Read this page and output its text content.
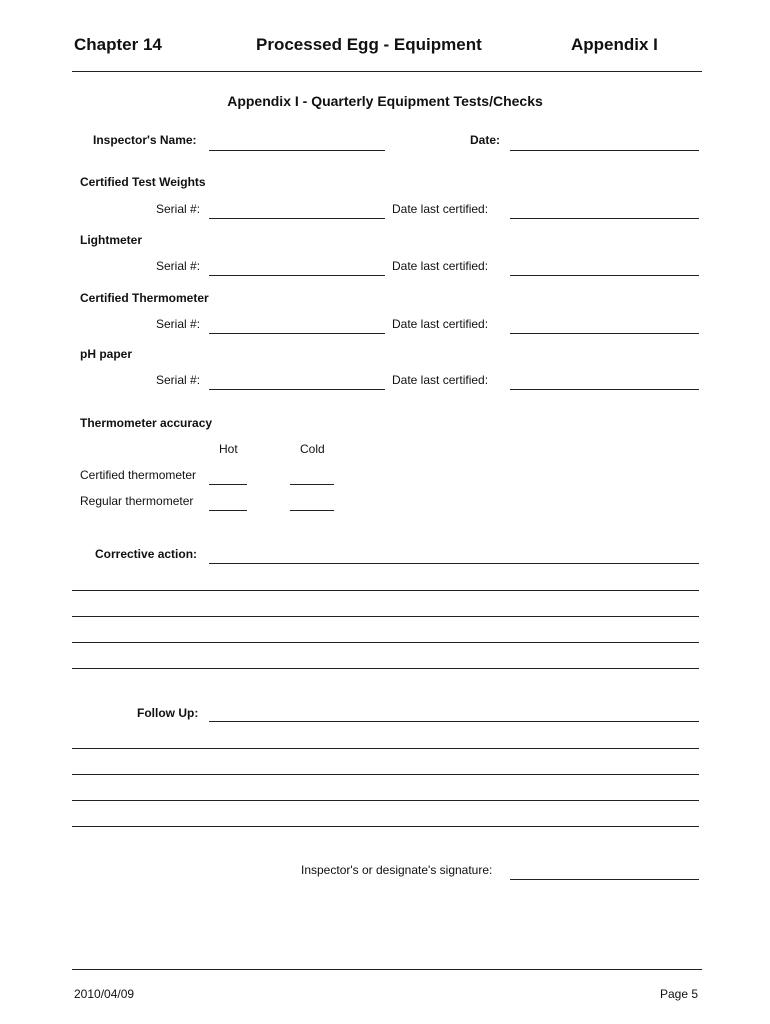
Chapter 14	Processed Egg - Equipment	Appendix I
Appendix I - Quarterly Equipment Tests/Checks
Inspector's Name:	Date:
Certified Test Weights
Serial #:	Date last certified:
Lightmeter
Serial #:	Date last certified:
Certified Thermometer
Serial #:	Date last certified:
pH paper
Serial #:	Date last certified:
Thermometer accuracy
Hot	Cold
Certified thermometer
Regular thermometer
Corrective action:
Follow Up:
Inspector's or designate's signature:
2010/04/09	Page 5
